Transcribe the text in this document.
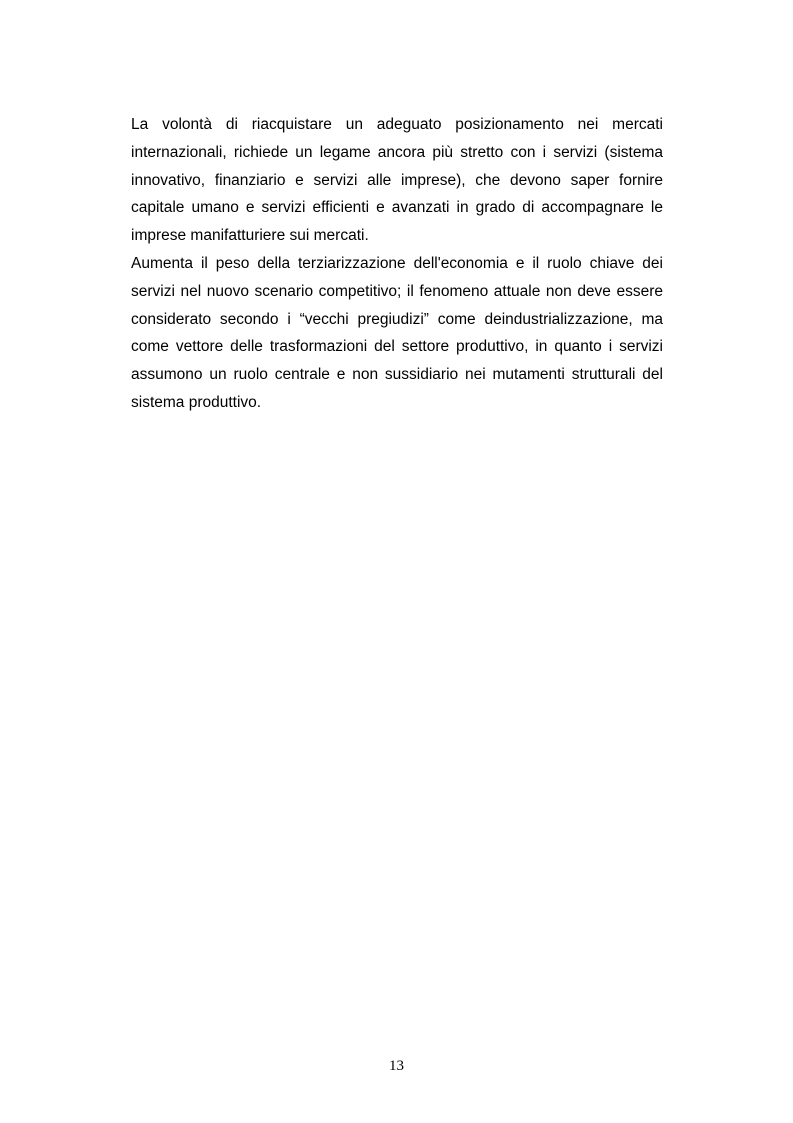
La volontà di riacquistare un adeguato posizionamento nei mercati internazionali, richiede un legame ancora più stretto con i servizi (sistema innovativo, finanziario e servizi alle imprese), che devono saper fornire capitale umano e servizi efficienti e avanzati in grado di accompagnare le imprese manifatturiere sui mercati.

Aumenta il peso della terziarizzazione dell'economia e il ruolo chiave dei servizi nel nuovo scenario competitivo; il fenomeno attuale non deve essere considerato secondo i “vecchi pregiudizi” come deindustrializzazione, ma come vettore delle trasformazioni del settore produttivo, in quanto i servizi assumono un ruolo centrale e non sussidiario nei mutamenti strutturali del sistema produttivo.

13
